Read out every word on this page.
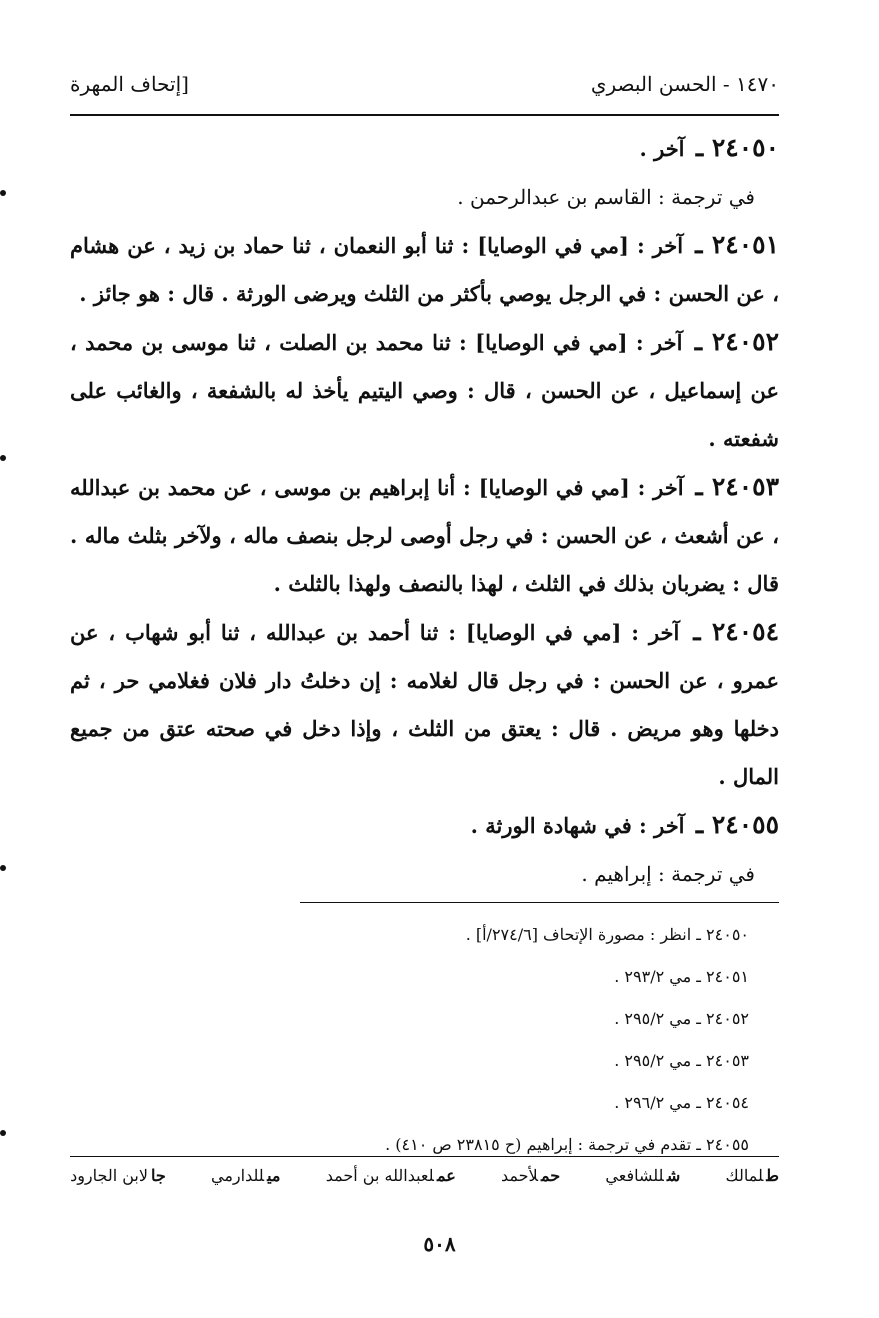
١٤٧٠ - الحسن البصري
[إتحاف المهرة
٢٤٠٥٠ ـ آخر .
في ترجمة : القاسم بن عبدالرحمن .
٢٤٠٥١ ـ آخر : [مي في الوصايا] : ثنا أبو النعمان ، ثنا حماد بن زيد ، عن هشام ، عن الحسن : في الرجل يوصي بأكثر من الثلث ويرضى الورثة . قال : هو جائز .
٢٤٠٥٢ ـ آخر : [مي في الوصايا] : ثنا محمد بن الصلت ، ثنا موسى بن محمد ، عن إسماعيل ، عن الحسن ، قال : وصي اليتيم يأخذ له بالشفعة ، والغائب على شفعته .
٢٤٠٥٣ ـ آخر : [مي في الوصايا] : أنا إبراهيم بن موسى ، عن محمد بن عبدالله ، عن أشعث ، عن الحسن : في رجل أوصى لرجل بنصف ماله ، ولآخر بثلث ماله . قال : يضربان بذلك في الثلث ، لهذا بالنصف ولهذا بالثلث .
٢٤٠٥٤ ـ آخر : [مي في الوصايا] : ثنا أحمد بن عبدالله ، ثنا أبو شهاب ، عن عمرو ، عن الحسن : في رجل قال لغلامه : إن دخلتُ دار فلان فغلامي حر ، ثم دخلها وهو مريض . قال : يعتق من الثلث ، وإذا دخل في صحته عتق من جميع المال .
٢٤٠٥٥ ـ آخر : في شهادة الورثة .
في ترجمة : إبراهيم .
٢٤٠٥٠ ـ انظر : مصورة الإتحاف [٢٧٤/٦/أ] .
٢٤٠٥١ ـ مي ٢٩٣/٢ .
٢٤٠٥٢ ـ مي ٢٩٥/٢ .
٢٤٠٥٣ ـ مي ٢٩٥/٢ .
٢٤٠٥٤ ـ مي ٢٩٦/٢ .
٢٤٠٥٥ ـ تقدم في ترجمة : إبراهيم (ح ٢٣٨١٥ ص ٤١٠) .
طلمالك
شللشافعي
حملأحمد
عملعبدالله بن أحمد
ميللدارمي
جالابن الجارود
٥٠٨
